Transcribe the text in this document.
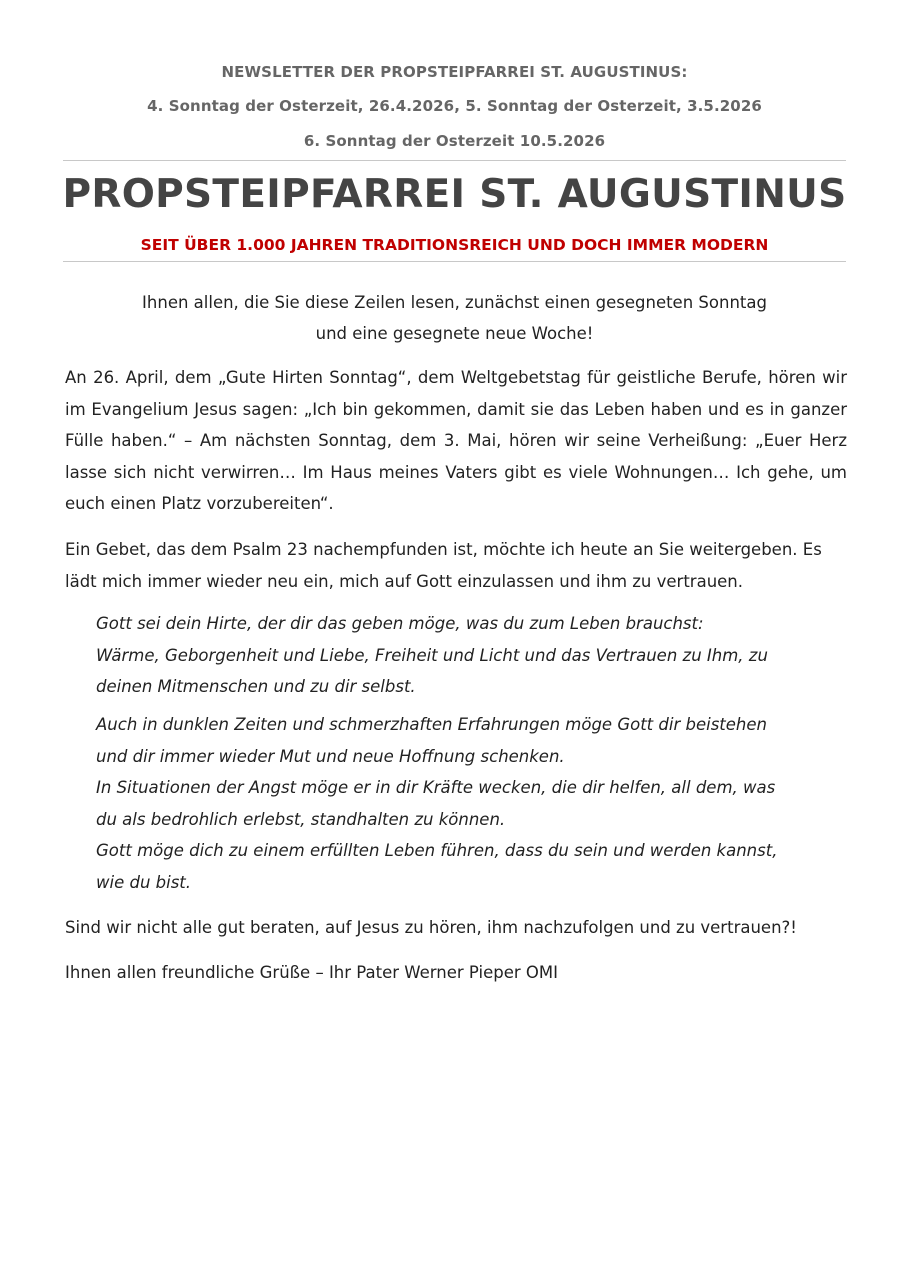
NEWSLETTER DER PROPSTEIPFARREI ST. AUGUSTINUS:
4. Sonntag der Osterzeit, 26.4.2026, 5. Sonntag der Osterzeit, 3.5.2026
6. Sonntag der Osterzeit 10.5.2026
PROPSTEIPFARREI ST. AUGUSTINUS
SEIT ÜBER 1.000 JAHREN TRADITIONSREICH UND DOCH IMMER MODERN
Ihnen allen, die Sie diese Zeilen lesen, zunächst einen gesegneten Sonntag
und eine gesegnete neue Woche!

An 26. April, dem „Gute Hirten Sonntag“, dem Weltgebetstag für geistliche Berufe, hören wir im Evangelium Jesus sagen: „Ich bin gekommen, damit sie das Leben haben und es in ganzer Fülle haben.“ – Am nächsten Sonntag, dem 3. Mai, hören wir seine Verheißung: „Euer Herz lasse sich nicht verwirren… Im Haus meines Vaters gibt es viele Wohnungen… Ich gehe, um euch einen Platz vorzubereiten“.

Ein Gebet, das dem Psalm 23 nachempfunden ist, möchte ich heute an Sie weitergeben. Es lädt mich immer wieder neu ein, mich auf Gott einzulassen und ihm zu vertrauen.

Gott sei dein Hirte, der dir das geben möge, was du zum Leben brauchst:
Wärme, Geborgenheit und Liebe, Freiheit und Licht und das Vertrauen zu Ihm, zu
deinen Mitmenschen und zu dir selbst.
Auch in dunklen Zeiten und schmerzhaften Erfahrungen möge Gott dir beistehen
und dir immer wieder Mut und neue Hoffnung schenken.
In Situationen der Angst möge er in dir Kräfte wecken, die dir helfen, all dem, was
du als bedrohlich erlebst, standhalten zu können.
Gott möge dich zu einem erfüllten Leben führen, dass du sein und werden kannst,
wie du bist.

Sind wir nicht alle gut beraten, auf Jesus zu hören, ihm nachzufolgen und zu vertrauen?!

Ihnen allen freundliche Grüße – Ihr Pater Werner Pieper OMI
